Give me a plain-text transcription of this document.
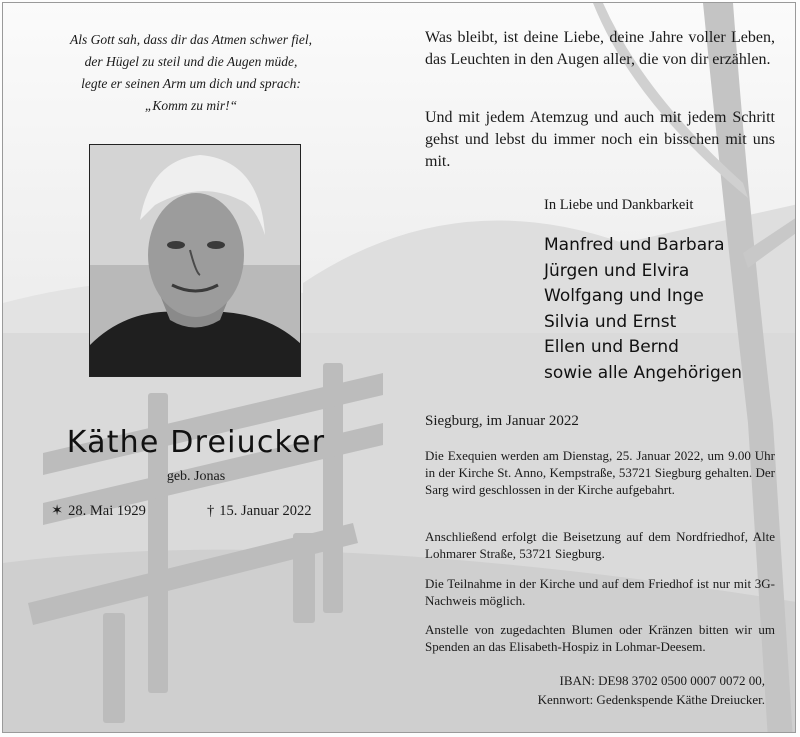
Als Gott sah, dass dir das Atmen schwer fiel,
der Hügel zu steil und die Augen müde,
legte er seinen Arm um dich und sprach:
„Komm zu mir!“
Käthe Dreiucker
geb. Jonas
✶ 28. Mai 1929	† 15. Januar 2022
Was bleibt, ist deine Liebe, deine Jahre voller Leben, das Leuchten in den Augen aller, die von dir erzählen.
Und mit jedem Atemzug und auch mit jedem Schritt gehst und lebst du immer noch ein bisschen mit uns mit.
In Liebe und Dankbarkeit
Manfred und Barbara
Jürgen und Elvira
Wolfgang und Inge
Silvia und Ernst
Ellen und Bernd
sowie alle Angehörigen
Siegburg, im Januar 2022
Die Exequien werden am Dienstag, 25. Januar 2022, um 9.00 Uhr in der Kirche St. Anno, Kempstraße, 53721 Siegburg gehalten. Der Sarg wird geschlossen in der Kirche aufgebahrt.
Anschließend erfolgt die Beisetzung auf dem Nordfriedhof, Alte Lohmarer Straße, 53721 Siegburg.
Die Teilnahme in der Kirche und auf dem Friedhof ist nur mit 3G-Nachweis möglich.
Anstelle von zugedachten Blumen oder Kränzen bitten wir um Spenden an das Elisabeth-Hospiz in Lohmar-Deesem.
IBAN: DE98 3702 0500 0007 0072 00,
Kennwort: Gedenkspende Käthe Dreiucker.
